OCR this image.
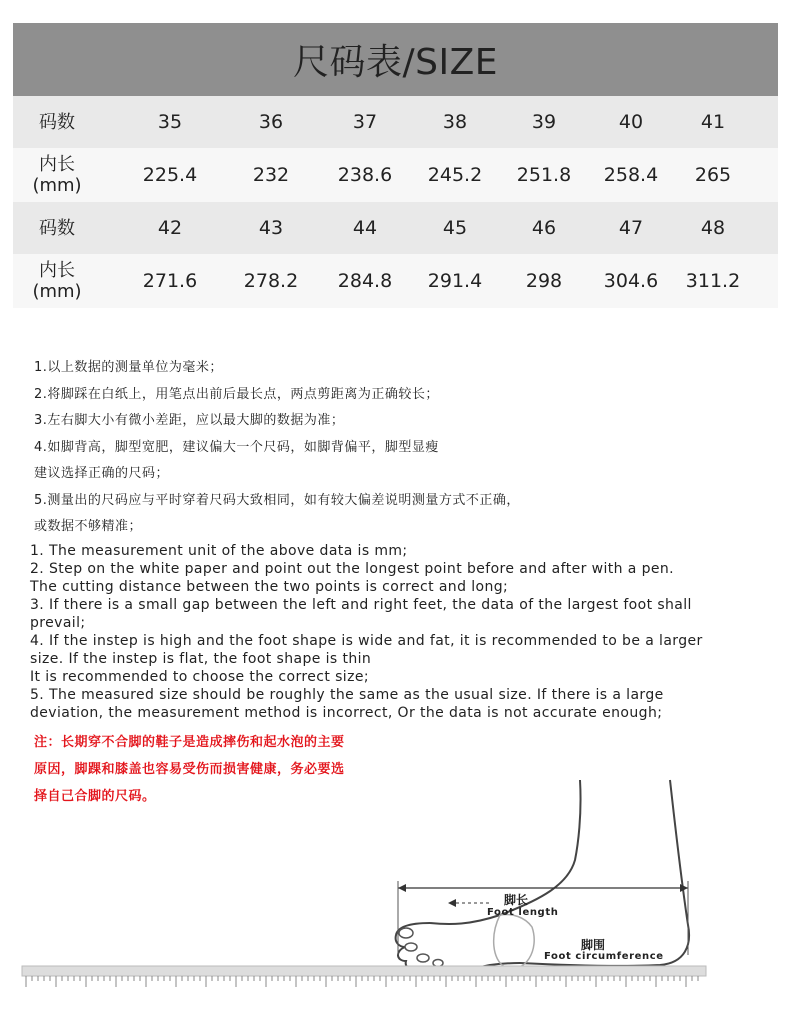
尺码表/SIZE
码数	35	36	37	38	39	40	41
内长
(mm)	225.4	232	238.6 245.2 251.8 258.4 265
码数	42	43	44	45	46	47	48
内长
(mm)	271.6 278.2 284.8 291.4 298 304.6 311.2
1.以上数据的测量单位为毫米；
2.将脚踩在白纸上，用笔点出前后最长点，两点剪距离为正确较长；
3.左右脚大小有微小差距，应以最大脚的数据为准；
4.如脚背高，脚型宽肥，建议偏大一个尺码，如脚背偏平，脚型显瘦
建议选择正确的尺码；
5.测量出的尺码应与平时穿着尺码大致相同，如有较大偏差说明测量方式不正确，
或数据不够精准；
1. The measurement unit of the above data is mm;
2. Step on the white paper and point out the longest point before and after with a pen.
The cutting distance between the two points is correct and long;
3. If there is a small gap between the left and right feet, the data of the largest foot shall
prevail;
4. If the instep is high and the foot shape is wide and fat, it is recommended to be a larger
size. If the instep is flat, the foot shape is thin
It is recommended to choose the correct size;
5. The measured size should be roughly the same as the usual size. If there is a large
deviation, the measurement method is incorrect, Or the data is not accurate enough;
注：长期穿不合脚的鞋子是造成摔伤和起水泡的主要
原因，脚踝和膝盖也容易受伤而损害健康，务必要选
择自己合脚的尺码。
脚长
Foot length
脚围
Foot circumference
